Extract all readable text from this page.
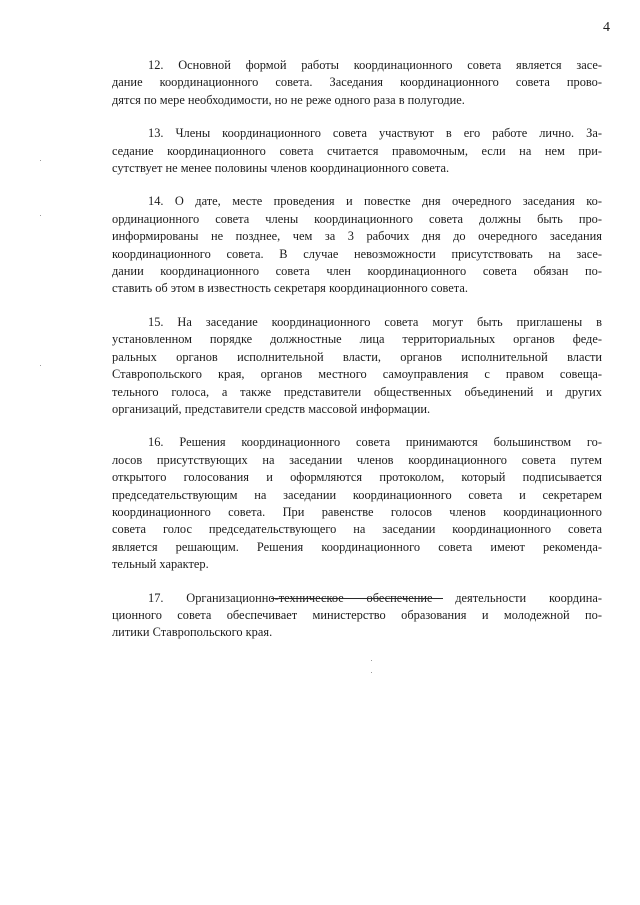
4
12. Основной формой работы координационного совета является засе-
дание координационного совета. Заседания координационного совета прово-
дятся по мере необходимости, но не реже одного раза в полугодие.
13. Члены координационного совета участвуют в его работе лично. За-
седание координационного совета считается правомочным, если на нем при-
сутствует не менее половины членов координационного совета.
14. О дате, месте проведения и повестке дня очередного заседания ко-
ординационного совета члены координационного совета должны быть про-
информированы не позднее, чем за 3 рабочих дня до очередного заседания
координационного совета. В случае невозможности присутствовать на засе-
дании координационного совета член координационного совета обязан по-
ставить об этом в известность секретаря координационного совета.
15. На заседание координационного совета могут быть приглашены в
установленном порядке должностные лица территориальных органов феде-
ральных органов исполнительной власти, органов исполнительной власти
Ставропольского края, органов местного самоуправления с правом совеща-
тельного голоса, а также представители общественных объединений и других
организаций, представители средств массовой информации.
16. Решения координационного совета принимаются большинством го-
лосов присутствующих на заседании членов координационного совета путем
открытого голосования и оформляются протоколом, который подписывается
председательствующим на заседании координационного совета и секретарем
координационного совета. При равенстве голосов членов координационного
совета голос председательствующего на заседании координационного совета
является решающим. Решения координационного совета имеют рекоменда-
тельный характер.
17. Организационно-техническое обеспечение деятельности координа-
ционного совета обеспечивает министерство образования и молодежной по-
литики Ставропольского края.
